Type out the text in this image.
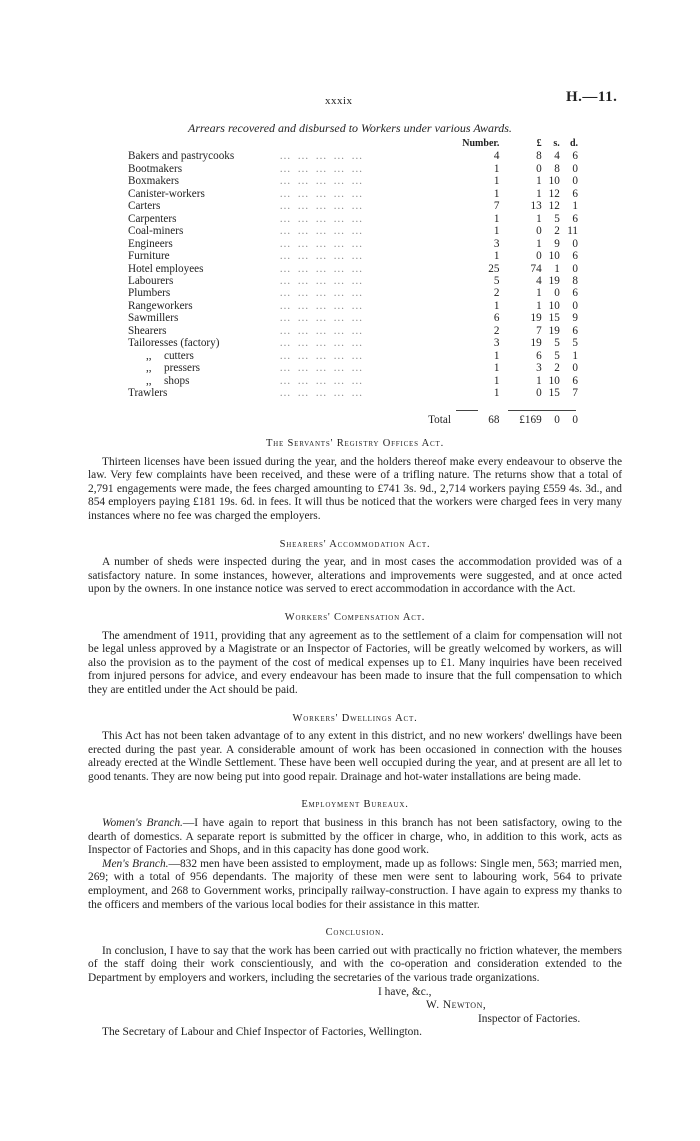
xxxix	H.—11.
Arrears recovered and disbursed to Workers under various Awards.
		Number.	£	s.	d.
Bakers and pastrycooks	… … … … …	4	8	4	6
Bootmakers	… … … … …	1	0	8	0
Boxmakers	… … … … …	1	1	10	0
Canister-workers	… … … … …	1	1	12	6
Carters	… … … … …	7	13	12	1
Carpenters	… … … … …	1	1	5	6
Coal-miners	… … … … …	1	0	2	11
Engineers	… … … … …	3	1	9	0
Furniture	… … … … …	1	0	10	6
Hotel employees	… … … … …	25	74	1	0
Labourers	… … … … …	5	4	19	8
Plumbers	… … … … …	2	1	0	6
Rangeworkers	… … … … …	1	1	10	0
Sawmillers	… … … … …	6	19	15	9
Shearers	… … … … …	2	7	19	6
Tailoresses (factory)	… … … … …	3	19	5	5
,, cutters	… … … … …	1	6	5	1
,, pressers	… … … … …	1	3	2	0
,, shops	… … … … …	1	1	10	6
Trawlers	… … … … …	1	0	15	7
Total		68	£169	0	0
The Servants' Registry Offices Act.

Thirteen licenses have been issued during the year, and the holders thereof make every endeavour to observe the law. Very few complaints have been received, and these were of a trifling nature. The returns show that a total of 2,791 engagements were made, the fees charged amounting to £741 3s. 9d., 2,714 workers paying £559 4s. 3d., and 854 employers paying £181 19s. 6d. in fees. It will thus be noticed that the workers were charged fees in very many instances where no fee was charged the employers.

Shearers' Accommodation Act.

A number of sheds were inspected during the year, and in most cases the accommodation provided was of a satisfactory nature. In some instances, however, alterations and improvements were suggested, and at once acted upon by the owners. In one instance notice was served to erect accommodation in accordance with the Act.

Workers' Compensation Act.

The amendment of 1911, providing that any agreement as to the settlement of a claim for compensation will not be legal unless approved by a Magistrate or an Inspector of Factories, will be greatly welcomed by workers, as will also the provision as to the payment of the cost of medical expenses up to £1. Many inquiries have been received from injured persons for advice, and every endeavour has been made to insure that the full compensation to which they are entitled under the Act should be paid.

Workers' Dwellings Act.

This Act has not been taken advantage of to any extent in this district, and no new workers' dwellings have been erected during the past year. A considerable amount of work has been occasioned in connection with the houses already erected at the Windle Settlement. These have been well occupied during the year, and at present are all let to good tenants. They are now being put into good repair. Drainage and hot-water installations are being made.

Employment Bureaux.

Women's Branch.—I have again to report that business in this branch has not been satisfactory, owing to the dearth of domestics. A separate report is submitted by the officer in charge, who, in addition to this work, acts as Inspector of Factories and Shops, and in this capacity has done good work.

Men's Branch.—832 men have been assisted to employment, made up as follows: Single men, 563; married men, 269; with a total of 956 dependants. The majority of these men were sent to labouring work, 564 to private employment, and 268 to Government works, principally railway-construction. I have again to express my thanks to the officers and members of the various local bodies for their assistance in this matter.

Conclusion.

In conclusion, I have to say that the work has been carried out with practically no friction whatever, the members of the staff doing their work conscientiously, and with the co-operation and consideration extended to the Department by employers and workers, including the secretaries of the various trade organizations.

I have, &c.,
W. Newton,
Inspector of Factories.

The Secretary of Labour and Chief Inspector of Factories, Wellington.
